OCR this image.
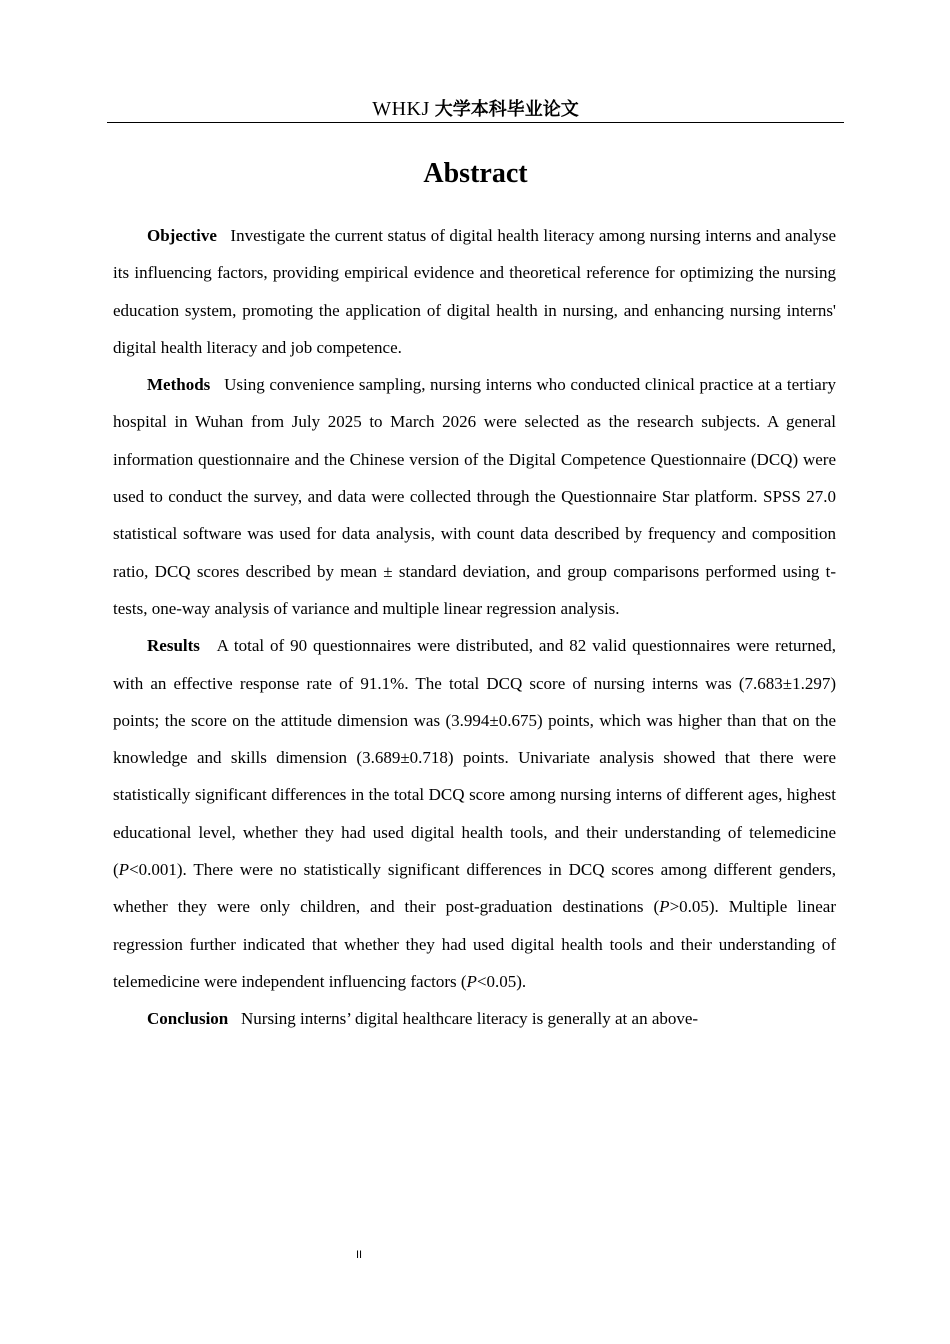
WHKJ 大学本科毕业论文
Abstract

Objective Investigate the current status of digital health literacy among nursing interns and analyse its influencing factors, providing empirical evidence and theoretical reference for optimizing the nursing education system, promoting the application of digital health in nursing, and enhancing nursing interns' digital health literacy and job competence.

Methods Using convenience sampling, nursing interns who conducted clinical practice at a tertiary hospital in Wuhan from July 2025 to March 2026 were selected as the research subjects. A general information questionnaire and the Chinese version of the Digital Competence Questionnaire (DCQ) were used to conduct the survey, and data were collected through the Questionnaire Star platform. SPSS 27.0 statistical software was used for data analysis, with count data described by frequency and composition ratio, DCQ scores described by mean ± standard deviation, and group comparisons performed using t-tests, one-way analysis of variance and multiple linear regression analysis.

Results A total of 90 questionnaires were distributed, and 82 valid questionnaires were returned, with an effective response rate of 91.1%. The total DCQ score of nursing interns was (7.683±1.297) points; the score on the attitude dimension was (3.994±0.675) points, which was higher than that on the knowledge and skills dimension (3.689±0.718) points. Univariate analysis showed that there were statistically significant differences in the total DCQ score among nursing interns of different ages, highest educational level, whether they had used digital health tools, and their understanding of telemedicine (P<0.001). There were no statistically significant differences in DCQ scores among different genders, whether they were only children, and their post-graduation destinations (P>0.05). Multiple linear regression further indicated that whether they had used digital health tools and their understanding of telemedicine were independent influencing factors (P<0.05).

Conclusion Nursing interns’ digital healthcare literacy is generally at an above-

II
